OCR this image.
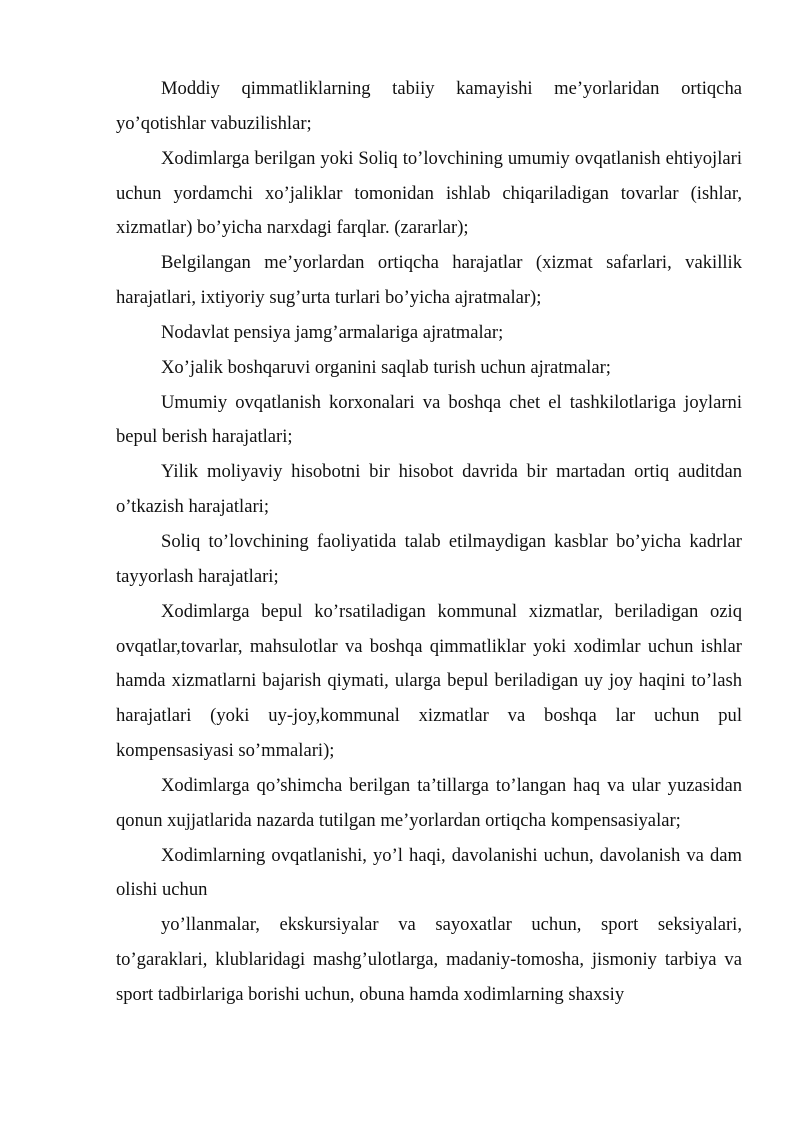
Moddiy qimmatliklarning tabiiy kamayishi me’yorlaridan ortiqcha yo’qotishlar vabuzilishlar;

Xodimlarga berilgan yoki Soliq to’lovchining umumiy ovqatlanish ehtiyojlari uchun yordamchi xo’jaliklar tomonidan ishlab chiqariladigan tovarlar (ishlar, xizmatlar) bo’yicha narxdagi farqlar. (zararlar);

Belgilangan me’yorlardan ortiqcha harajatlar (xizmat safarlari, vakillik harajatlari, ixtiyoriy sug’urta turlari bo’yicha ajratmalar);

Nodavlat pensiya jamg’armalariga ajratmalar;

Xo’jalik boshqaruvi organini saqlab turish uchun ajratmalar;

Umumiy ovqatlanish korxonalari va boshqa chet el tashkilotlariga joylarni bepul berish harajatlari;

Yilik moliyaviy hisobotni bir hisobot davrida bir martadan ortiq auditdan o’tkazish harajatlari;

Soliq to’lovchining faoliyatida talab etilmaydigan kasblar bo’yicha kadrlar tayyorlash harajatlari;

Xodimlarga bepul ko’rsatiladigan kommunal xizmatlar, beriladigan oziq ovqatlar,tovarlar, mahsulotlar va boshqa qimmatliklar yoki xodimlar uchun ishlar hamda xizmatlarni bajarish qiymati, ularga bepul beriladigan uy joy haqini to’lash harajatlari (yoki uy-joy,kommunal xizmatlar va boshqa lar uchun pul kompensasiyasi so’mmalari);

Xodimlarga qo’shimcha berilgan ta’tillarga to’langan haq va ular yuzasidan qonun xujjatlarida nazarda tutilgan me’yorlardan ortiqcha kompensasiyalar;

Xodimlarning ovqatlanishi, yo’l haqi, davolanishi uchun, davolanish va dam olishi uchun

yo’llanmalar, ekskursiyalar va sayoxatlar uchun, sport seksiyalari, to’garaklari, klublaridagi mashg’ulotlarga, madaniy-tomosha, jismoniy tarbiya va sport tadbirlariga borishi uchun, obuna hamda xodimlarning shaxsiy
